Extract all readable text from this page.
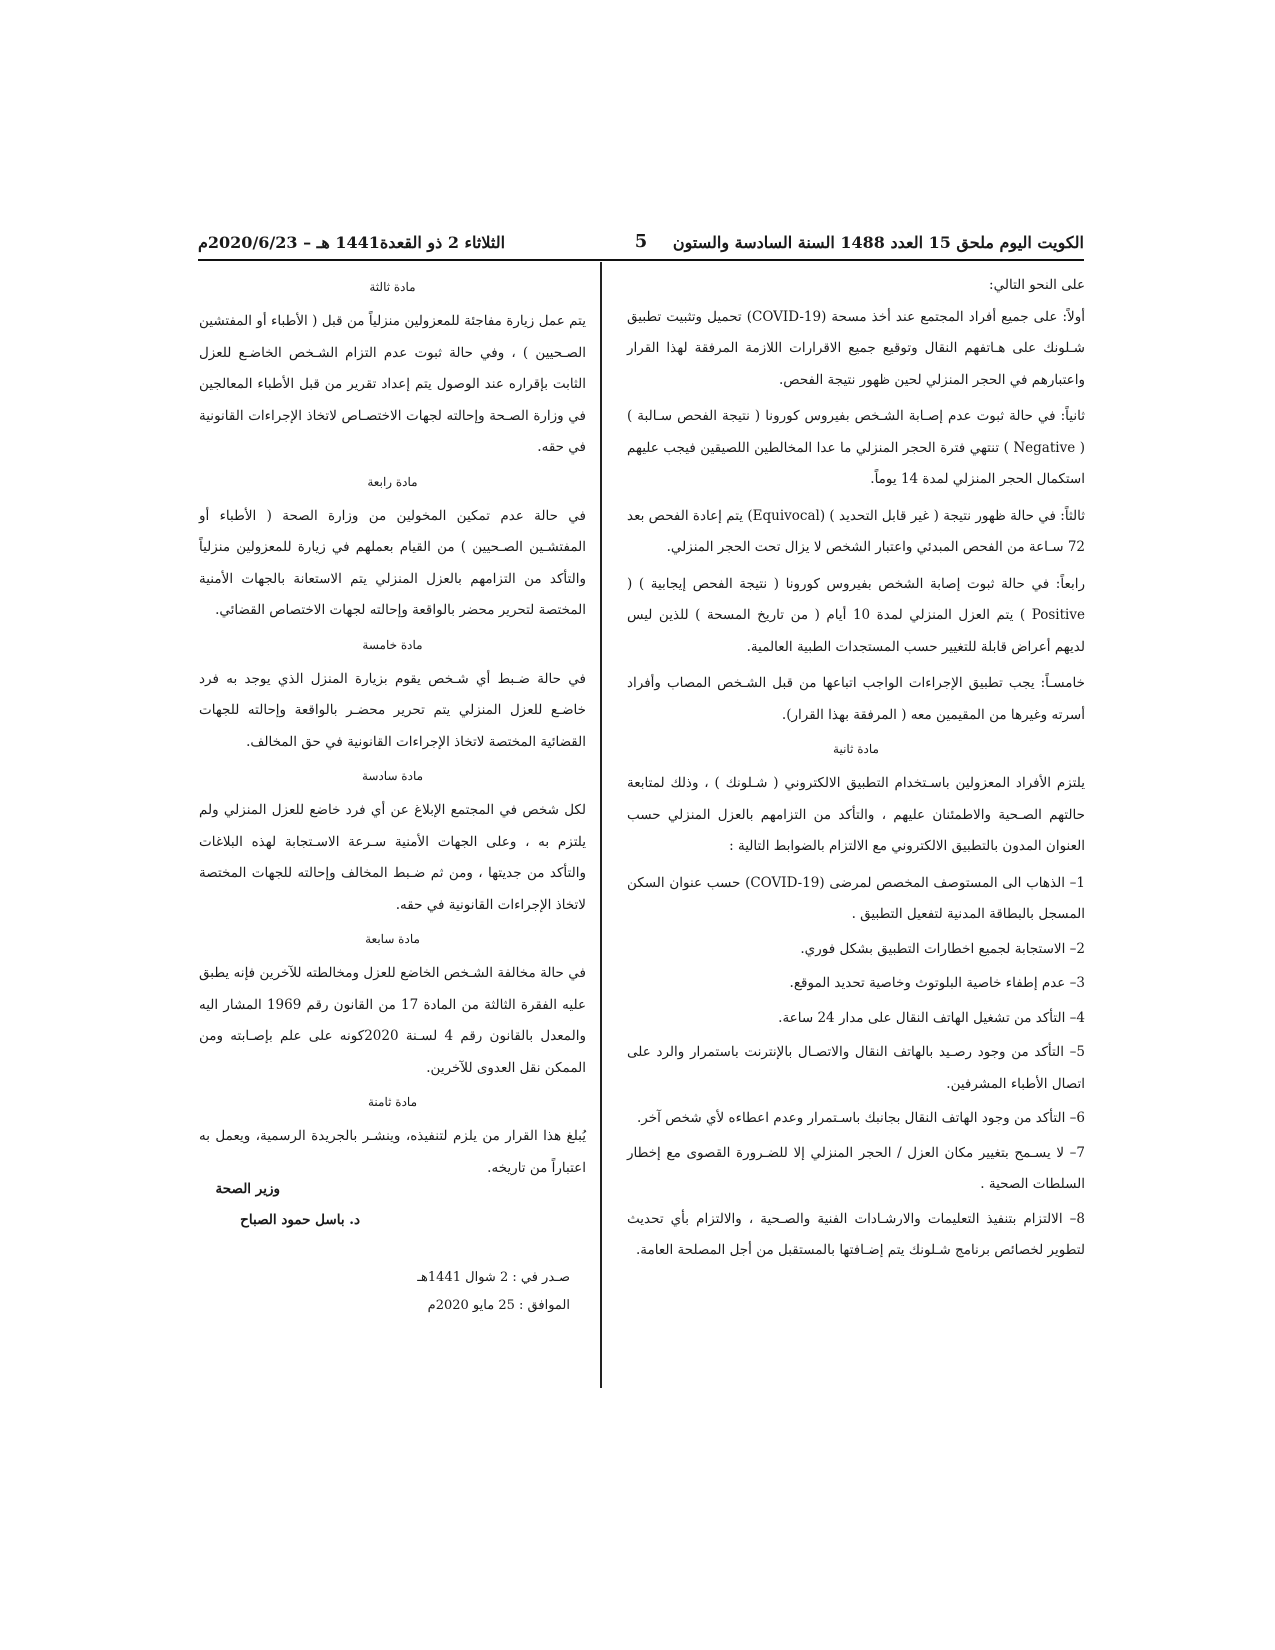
الكويت اليوم ملحق 15 العدد 1488 السنة السادسة والستون
5
الثلاثاء 2 ذو القعدة1441 هـ – 2020/6/23م

على النحو التالي:

أولاً: على جميع أفراد المجتمع عند أخذ مسحة (COVID-19) تحميل وتثبيت تطبيق شـلونك على هـاتفهم النقال وتوقيع جميع الاقرارات اللازمة المرفقة لهذا القرار واعتبارهم في الحجر المنزلي لحين ظهور نتيجة الفحص.

ثانياً: في حالة ثبوت عدم إصـابة الشـخص بفيروس كورونا ( نتيجة الفحص سـالبة ) ( Negative ) تنتهي فترة الحجر المنزلي ما عدا المخالطين اللصيقين فيجب عليهم استكمال الحجر المنزلي لمدة 14 يوماً.

ثالثاً: في حالة ظهور نتيجة ( غير قابل التحديد ) (Equivocal) يتم إعادة الفحص بعد 72 سـاعة من الفحص المبدئي واعتبار الشخص لا يزال تحت الحجر المنزلي.

رابعاً: في حالة ثبوت إصابة الشخص بفيروس كورونا ( نتيجة الفحص إيجابية ) ( Positive ) يتم العزل المنزلي لمدة 10 أيام ( من تاريخ المسحة ) للذين ليس لديهم أعراض قابلة للتغيير حسب المستجدات الطبية العالمية.

خامسـاً: يجب تطبيق الإجراءات الواجب اتباعها من قبل الشـخص المصاب وأفراد أسرته وغيرها من المقيمين معه ( المرفقة بهذا القرار).

مادة ثانية

يلتزم الأفراد المعزولين باسـتخدام التطبيق الالكتروني ( شـلونك ) ، وذلك لمتابعة حالتهم الصـحية والاطمئنان عليهم ، والتأكد من التزامهم بالعزل المنزلي حسب العنوان المدون بالتطبيق الالكتروني مع الالتزام بالضوابط التالية :

1– الذهاب الى المستوصف المخصص لمرضى (COVID-19) حسب عنوان السكن المسجل بالبطاقة المدنية لتفعيل التطبيق .

2– الاستجابة لجميع اخطارات التطبيق بشكل فوري.

3– عدم إطفاء خاصية البلوتوث وخاصية تحديد الموقع.

4– التأكد من تشغيل الهاتف النقال على مدار 24 ساعة.

5– التأكد من وجود رصـيد بالهاتف النقال والاتصـال بالإنترنت باستمرار والرد على اتصال الأطباء المشرفين.

6– التأكد من وجود الهاتف النقال بجانبك باسـتمرار وعدم اعطاءه لأي شخص آخر.

7– لا يسـمح بتغيير مكان العزل / الحجر المنزلي إلا للضـرورة القصوى مع إخطار السلطات الصحية .

8– الالتزام بتنفيذ التعليمات والارشـادات الفنية والصـحية ، والالتزام بأي تحديث لتطوير لخصائص برنامج شـلونك يتم إضـافتها بالمستقبل من أجل المصلحة العامة.

مادة ثالثة

يتم عمل زيارة مفاجئة للمعزولين منزلياً من قبل ( الأطباء أو المفتشين الصـحيين ) ، وفي حالة ثبوت عدم التزام الشـخص الخاضـع للعزل الثابت بإقراره عند الوصول يتم إعداد تقرير من قبل الأطباء المعالجين في وزارة الصـحة وإحالته لجهات الاختصـاص لاتخاذ الإجراءات القانونية في حقه.

مادة رابعة

في حالة عدم تمكين المخولين من وزارة الصحة ( الأطباء أو المفتشـين الصـحيين ) من القيام بعملهم في زيارة للمعزولين منزلياً والتأكد من التزامهم بالعزل المنزلي يتم الاستعانة بالجهات الأمنية المختصة لتحرير محضر بالواقعة وإحالته لجهات الاختصاص القضائي.

مادة خامسة

في حالة ضـبط أي شـخص يقوم بزيارة المنزل الذي يوجد به فرد خاضـع للعزل المنزلي يتم تحرير محضـر بالواقعة وإحالته للجهات القضائية المختصة لاتخاذ الإجراءات القانونية في حق المخالف.

مادة سادسة

لكل شخص في المجتمع الإبلاغ عن أي فرد خاضع للعزل المنزلي ولم يلتزم به ، وعلى الجهات الأمنية سـرعة الاسـتجابة لهذه البلاغات والتأكد من جديتها ، ومن ثم ضـبط المخالف وإحالته للجهات المختصة لاتخاذ الإجراءات القانونية في حقه.

مادة سابعة

في حالة مخالفة الشـخص الخاضع للعزل ومخالطته للآخرين فإنه يطبق عليه الفقرة الثالثة من المادة 17 من القانون رقم 1969 المشار اليه والمعدل بالقانون رقم 4 لسـنة 2020كونه على علم بإصـابته ومن الممكن نقل العدوى للآخرين.

مادة ثامنة

يُبلغ هذا القرار من يلزم لتنفيذه، وينشـر بالجريدة الرسمية، ويعمل به اعتباراً من تاريخه.

وزير الصحة
د. باسل حمود الصباح
صـدر في : 2 شوال 1441هـ
الموافق : 25 مايو 2020م
